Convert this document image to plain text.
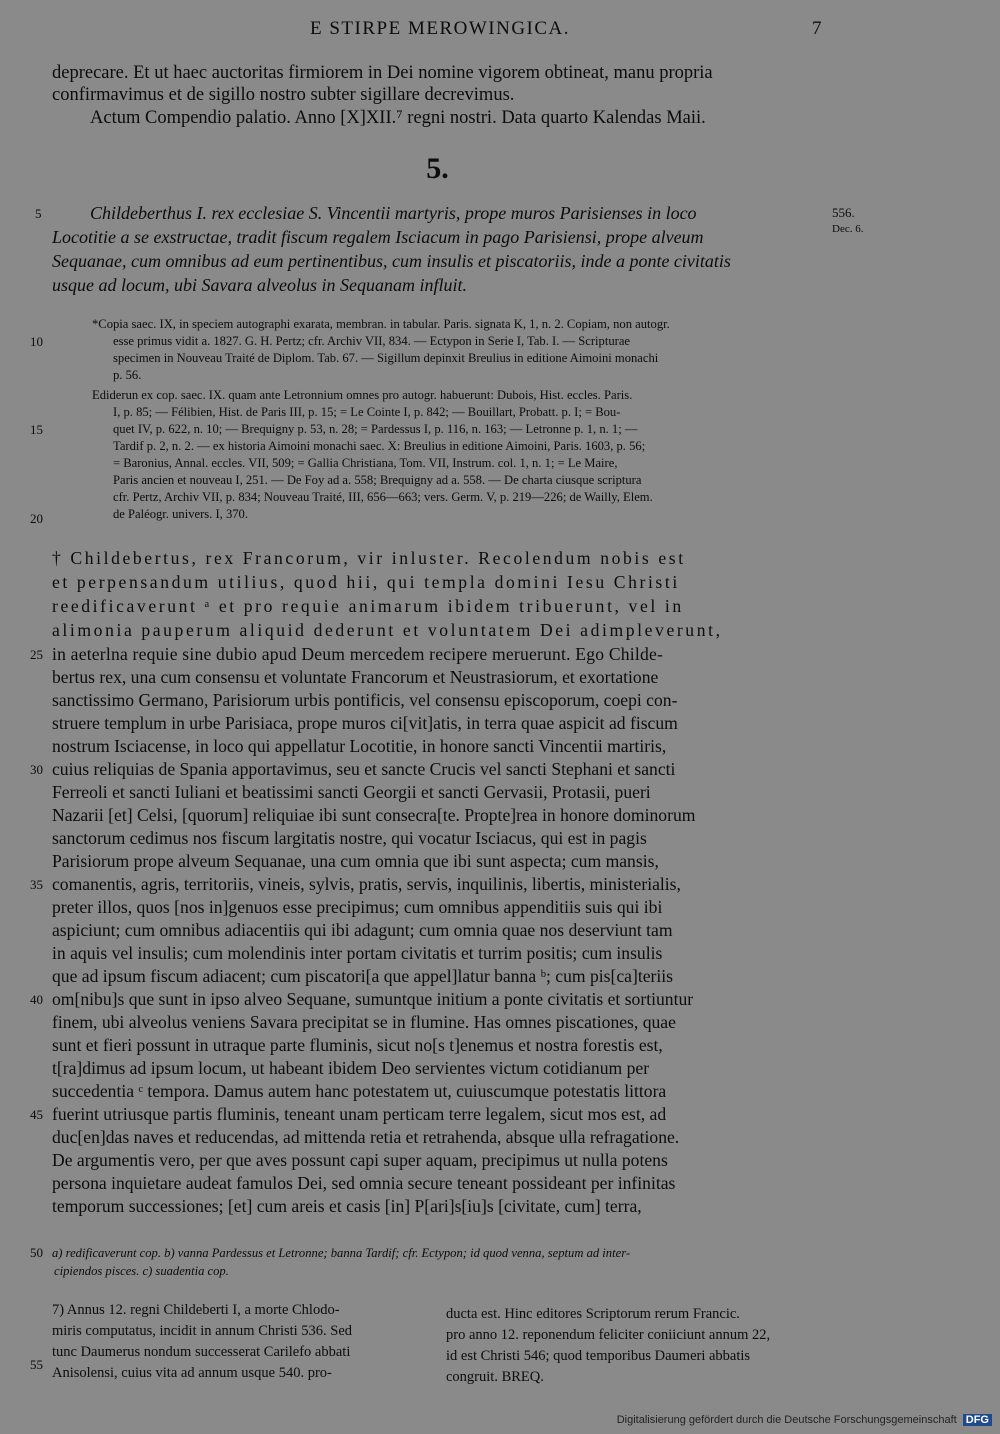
E STIRPE MEROWINGICA.	7
deprecare. Et ut haec auctoritas firmiorem in Dei nomine vigorem obtineat, manu propria
confirmavimus et de sigillo nostro subter sigillare decrevimus.
Actum Compendio palatio. Anno [X]XII.⁷ regni nostri. Data quarto Kalendas Maii.
5.
556.
Dec. 6.
Childeberthus I. rex ecclesiae S. Vincentii martyris, prope muros Parisienses in loco
Locotitie a se exstructae, tradit fiscum regalem Isciacum in pago Parisiensi, prope alveum
Sequanae, cum omnibus ad eum pertinentibus, cum insulis et piscatoriis, inde a ponte civitatis
usque ad locum, ubi Savara alveolus in Sequanam influit.
*Copia saec. IX, in speciem autographi exarata, membran. in tabular. Paris. signata K, 1, n. 2. Copiam, non autogr.
esse primus vidit a. 1827. G. H. Pertz; cfr. Archiv VII, 834. — Ectypon in Serie I, Tab. I. — Scripturae
specimen in Nouveau Traité de Diplom. Tab. 67. — Sigillum depinxit Breulius in editione Aimoini monachi
p. 56.
Ediderun ex cop. saec. IX. quam ante Letronnium omnes pro autogr. habuerunt: Dubois, Hist. eccles. Paris.
I, p. 85; — Félibien, Hist. de Paris III, p. 15; = Le Cointe I, p. 842; — Bouillart, Probatt. p. I; = Bou-
quet IV, p. 622, n. 10; — Brequigny p. 53, n. 28; = Pardessus I, p. 116, n. 163; — Letronne p. 1, n. 1; —
Tardif p. 2, n. 2. — ex historia Aimoini monachi saec. X: Breulius in editione Aimoini, Paris. 1603, p. 56;
= Baronius, Annal. eccles. VII, 509; = Gallia Christiana, Tom. VII, Instrum. col. 1, n. 1; = Le Maire,
Paris ancien et nouveau I, 251. — De Foy ad a. 558; Brequigny ad a. 558. — De charta ciusque scriptura
cfr. Pertz, Archiv VII, p. 834; Nouveau Traité, III, 656—663; vers. Germ. V, p. 219—226; de Wailly, Elem.
de Paléogr. univers. I, 370.
† Childebertus, rex Francorum, vir inluster. Recolendum nobis est
et perpensandum utilius, quod hii, qui templa domini Iesu Christi
reedificaverunt ᵃ et pro requie animarum ibidem tribuerunt, vel in
alimonia pauperum aliquid dederunt et voluntatem Dei adimpleverunt,
in aeterlna requie sine dubio apud Deum mercedem recipere meruerunt. Ego Childe-
bertus rex, una cum consensu et voluntate Francorum et Neustrasiorum, et exortatione
sanctissimo Germano, Parisiorum urbis pontificis, vel consensu episcoporum, coepi con-
struere templum in urbe Parisiaca, prope muros ci[vit]atis, in terra quae aspicit ad fiscum
nostrum Isciacense, in loco qui appellatur Locotitie, in honore sancti Vincentii martiris,
cuius reliquias de Spania apportavimus, seu et sancte Crucis vel sancti Stephani et sancti
Ferreoli et sancti Iuliani et beatissimi sancti Georgii et sancti Gervasii, Protasii, pueri
Nazarii [et] Celsi, [quorum] reliquiae ibi sunt consecra[te. Propte]rea in honore dominorum
sanctorum cedimus nos fiscum largitatis nostre, qui vocatur Isciacus, qui est in pagis
Parisiorum prope alveum Sequanae, una cum omnia que ibi sunt aspecta; cum mansis,
comanentis, agris, territoriis, vineis, sylvis, pratis, servis, inquilinis, libertis, ministerialis,
preter illos, quos [nos in]genuos esse precipimus; cum omnibus appenditiis suis qui ibi
aspiciunt; cum omnibus adiacentiis qui ibi adagunt; cum omnia quae nos deserviunt tam
in aquis vel insulis; cum molendinis inter portam civitatis et turrim positis; cum insulis
que ad ipsum fiscum adiacent; cum piscatori[a que appel]latur banna ᵇ; cum pis[ca]teriis
om[nibu]s que sunt in ipso alveo Sequane, sumuntque initium a ponte civitatis et sortiuntur
finem, ubi alveolus veniens Savara precipitat se in flumine. Has omnes piscationes, quae
sunt et fieri possunt in utraque parte fluminis, sicut no[s t]enemus et nostra forestis est,
t[ra]dimus ad ipsum locum, ut habeant ibidem Deo servientes victum cotidianum per
succedentia ᶜ tempora. Damus autem hanc potestatem ut, cuiuscumque potestatis littora
fuerint utriusque partis fluminis, teneant unam perticam terre legalem, sicut mos est, ad
duc[en]das naves et reducendas, ad mittenda retia et retrahenda, absque ulla refragatione.
De argumentis vero, per que aves possunt capi super aquam, precipimus ut nulla potens
persona inquietare audeat famulos Dei, sed omnia secure teneant possideant per infinitas
temporum successiones; [et] cum areis et casis [in] P[ari]s[iu]s [civitate, cum] terra,
5
10
15
20
25
30
35
40
45
50
55
a) redificaverunt cop. b) vanna Pardessus et Letronne; banna Tardif; cfr. Ectypon; id quod venna, septum ad inter-
cipiendos pisces. c) suadentia cop.
7) Annus 12. regni Childeberti I, a morte Chlodo-
miris computatus, incidit in annum Christi 536. Sed
tunc Daumerus nondum successerat Carilefo abbati
Anisolensi, cuius vita ad annum usque 540. pro-
ducta est. Hinc editores Scriptorum rerum Francic.
pro anno 12. reponendum feliciter coniiciunt annum 22,
id est Christi 546; quod temporibus Daumeri abbatis
congruit. BREQ.
Digitalisierung gefördert durch die Deutsche Forschungsgemeinschaft DFG
